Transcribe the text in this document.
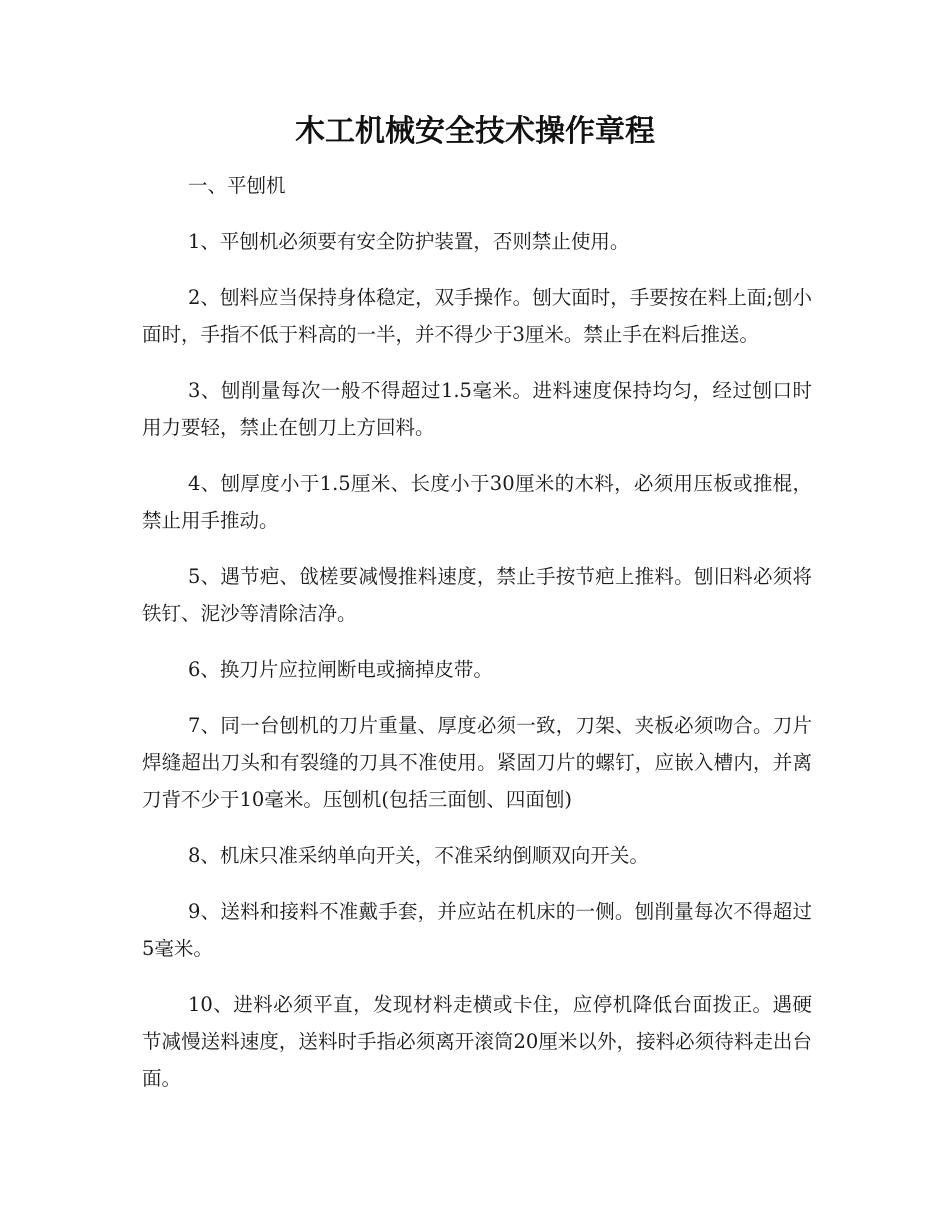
木工机械安全技术操作章程

一、平刨机

1、平刨机必须要有安全防护装置，否则禁止使用。

2、刨料应当保持身体稳定，双手操作。刨大面时，手要按在料上面;刨小面时，手指不低于料高的一半，并不得少于3厘米。禁止手在料后推送。

3、刨削量每次一般不得超过1.5毫米。进料速度保持均匀，经过刨口时用力要轻，禁止在刨刀上方回料。

4、刨厚度小于1.5厘米、长度小于30厘米的木料，必须用压板或推棍，禁止用手推动。

5、遇节疤、戗槎要减慢推料速度，禁止手按节疤上推料。刨旧料必须将铁钉、泥沙等清除洁净。

6、换刀片应拉闸断电或摘掉皮带。

7、同一台刨机的刀片重量、厚度必须一致，刀架、夹板必须吻合。刀片焊缝超出刀头和有裂缝的刀具不准使用。紧固刀片的螺钉，应嵌入槽内，并离刀背不少于10毫米。压刨机(包括三面刨、四面刨)

8、机床只准采纳单向开关，不准采纳倒顺双向开关。

9、送料和接料不准戴手套，并应站在机床的一侧。刨削量每次不得超过5毫米。

10、进料必须平直，发现材料走横或卡住，应停机降低台面拨正。遇硬节减慢送料速度，送料时手指必须离开滚筒20厘米以外，接料必须待料走出台面。
